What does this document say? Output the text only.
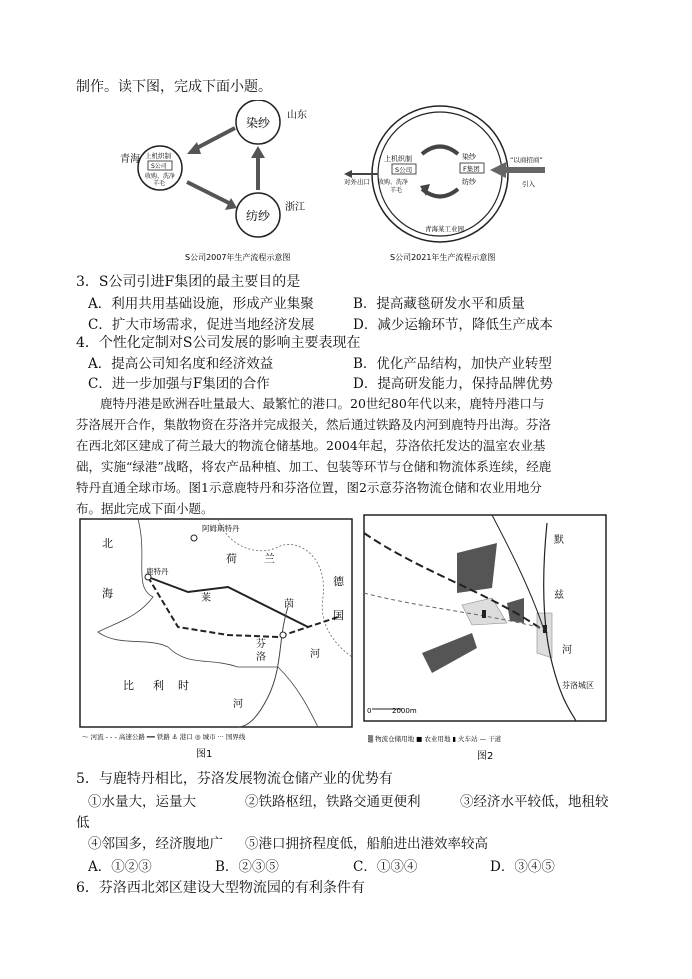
制作。读下图，完成下面小题。
染纱
山东
纺纱
浙江
青海 上机织制
S公司
收购、洗净
羊毛
S公司2007年生产流程示意图
上机织制
S公司
对外出口 收购、洗净
羊毛
染纱
F集团
纺纱
“以商招商”
引入
青海某工业园
S公司2021年生产流程示意图
3．S公司引进F集团的最主要目的是
A．利用共用基础设施，形成产业集聚	B．提高藏毯研发水平和质量
C．扩大市场需求，促进当地经济发展	D．减少运输环节，降低生产成本
4．个性化定制对S公司发展的影响主要表现在
A．提高公司知名度和经济效益	B．优化产品结构，加快产业转型
C．进一步加强与F集团的合作	D．提高研发能力，保持品牌优势
鹿特丹港是欧洲吞吐量最大、最繁忙的港口。20世纪80年代以来，鹿特丹港口与
芬洛展开合作，集散物资在芬洛并完成报关，然后通过铁路及内河到鹿特丹出海。芬洛
在西北郊区建成了荷兰最大的物流仓储基地。2004年起，芬洛依托发达的温室农业基
础，实施“绿港”战略，将农产品种植、加工、包装等环节与仓储和物流体系连续，经鹿
特丹直通全球市场。图1示意鹿特丹和芬洛位置，图2示意芬洛物流仓储和农业用地分
布。据此完成下面小题。
阿姆斯特丹
鹿特丹
北
海
荷 兰
德
国
莱
茵
芬
洛	河
河
比 利 时
～ 河流 - - - 高速公路 ━━ 铁路 ⚓ 港口 ◎ 城市 ··· 国界线
图1
默
兹
河
芬洛城区
0	2000m
▒ 物流仓储用地 ■ 农业用地 ▮ 火车站 — 干道
图2
5．与鹿特丹相比，芬洛发展物流仓储产业的优势有
①水量大，运量大	②铁路枢纽，铁路交通更便利	③经济水平较低，地租较
低
④邻国多，经济腹地广 ⑤港口拥挤程度低，船舶进出港效率较高
A．①②③	B．②③⑤	C．①③④	D．③④⑤
6．芬洛西北郊区建设大型物流园的有利条件有
